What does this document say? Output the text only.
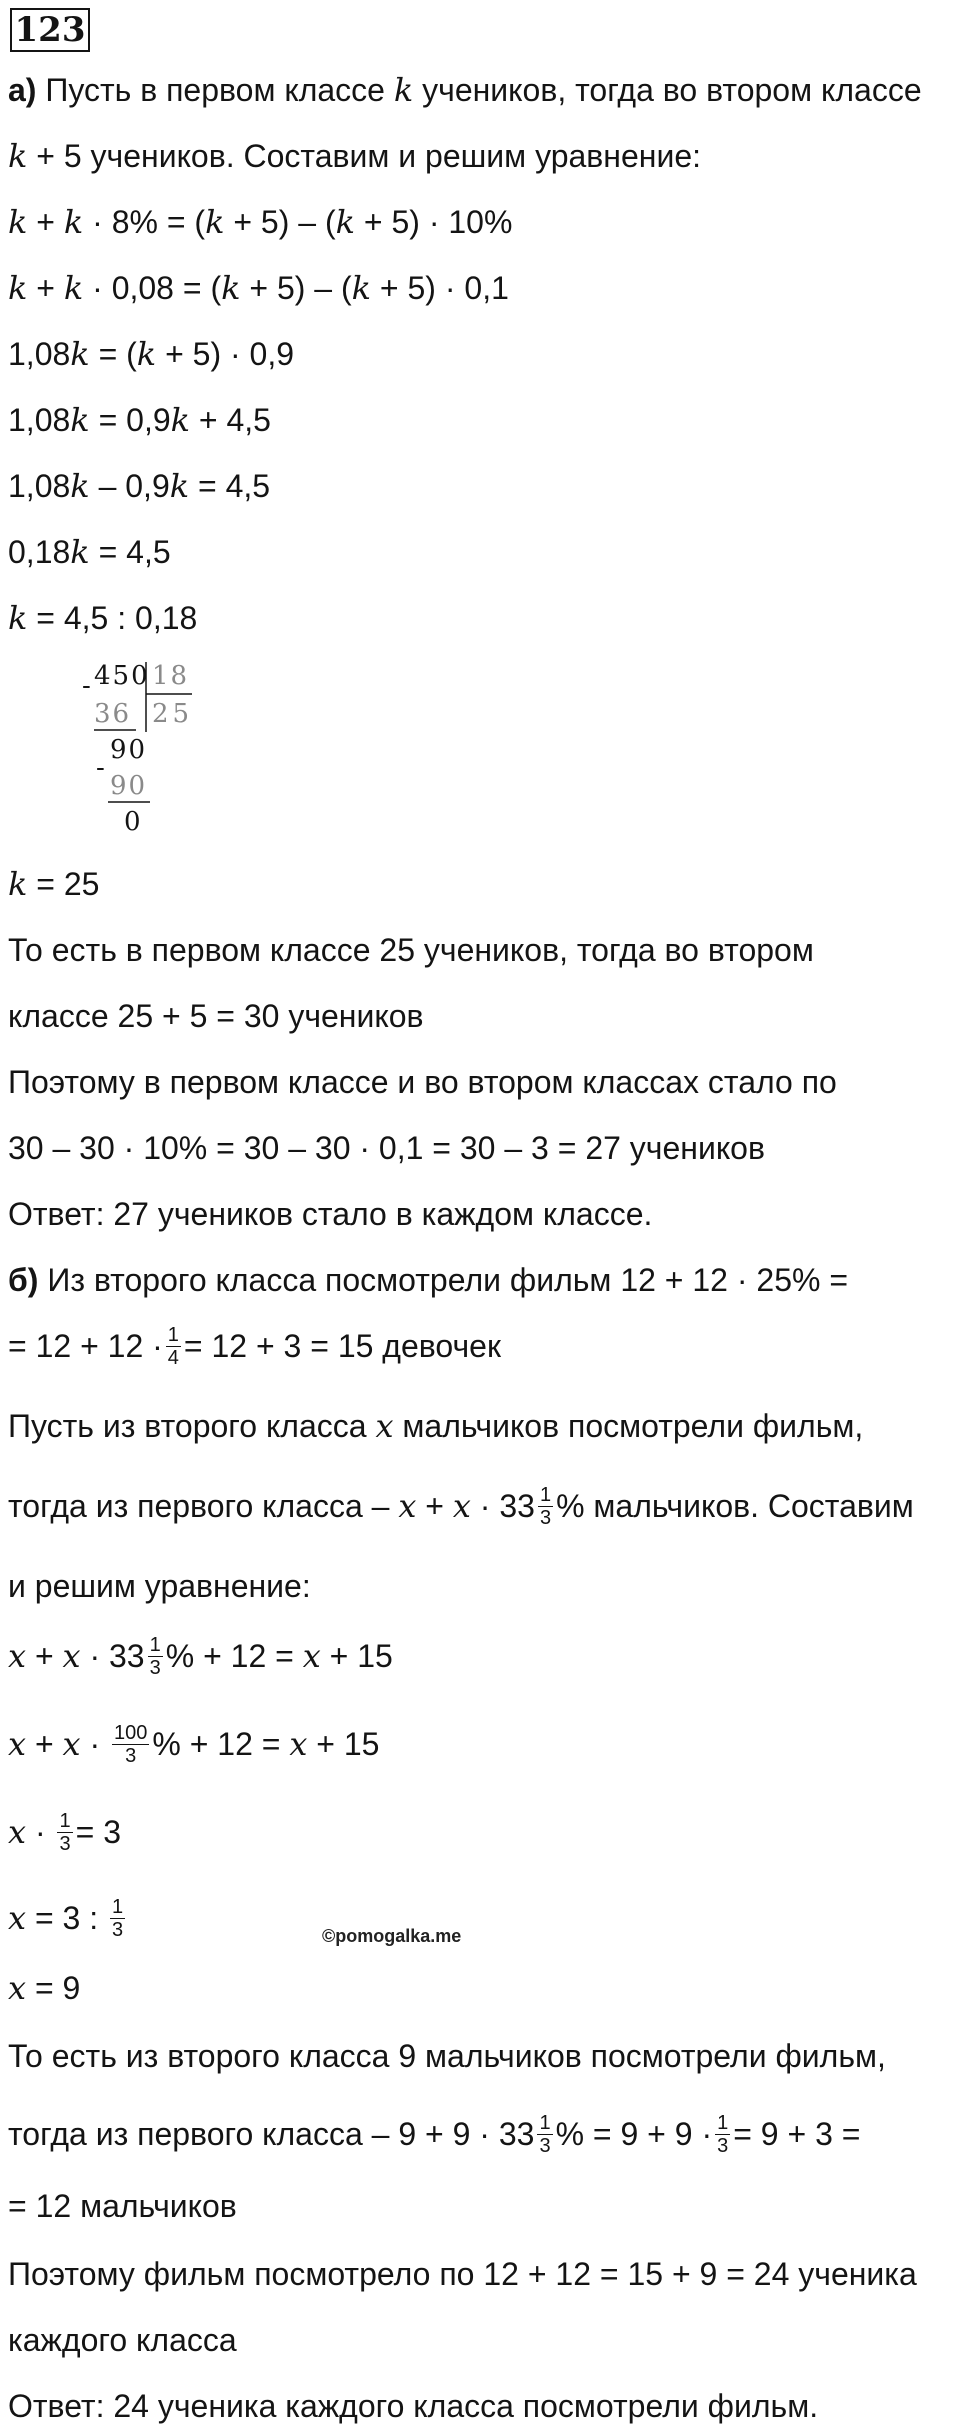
123
а) Пусть в первом классе k учеников, тогда во втором классе
k + 5 учеников. Составим и решим уравнение:
k + k · 8% = (k + 5) – (k + 5) · 10%
k + k · 0,08 = (k + 5) – (k + 5) · 0,1
1,08k = (k + 5) · 0,9
1,08k = 0,9k + 4,5
1,08k – 0,9k = 4,5
0,18k = 4,5
k = 4,5 : 0,18
- 450 18
25
36
90
-
90
0
k = 25
То есть в первом классе 25 учеников, тогда во втором
классе 25 + 5 = 30 учеников
Поэтому в первом классе и во втором классах стало по
30 – 30 · 10% = 30 – 30 · 0,1 = 30 – 3 = 27 учеников
Ответ: 27 учеников стало в каждом классе.
б) Из второго класса посмотрели фильм 12 + 12 · 25% =
= $12 + 12 \cdot \frac{1}{4} = 12 + 3 = 15$ девочек
Пусть из второго класса x мальчиков посмотрели фильм,
тогда из первого класса – $x + x \cdot 33 \frac{1}{3}$ % мальчиков. Составим
и решим уравнение:
$x + x \cdot 33 \frac{1}{3}$ % + 12 = x + 15
$x + x \cdot \frac{100}{3}$ % + 12 = x + 15
$x \cdot \frac{1}{3} = 3$
x = 3 : $\frac{1}{3}$	©pomogalka.me
x = 9
То есть из второго класса 9 мальчиков посмотрели фильм,
тогда из первого класса – $9 + 9 \cdot 33 \frac{1}{3}$ % = $9 + 9 \cdot \frac{1}{3} = 9 + 3$ =
= 12 мальчиков
Поэтому фильм посмотрело по 12 + 12 = 15 + 9 = 24 ученика
каждого класса
Ответ: 24 ученика каждого класса посмотрели фильм.
